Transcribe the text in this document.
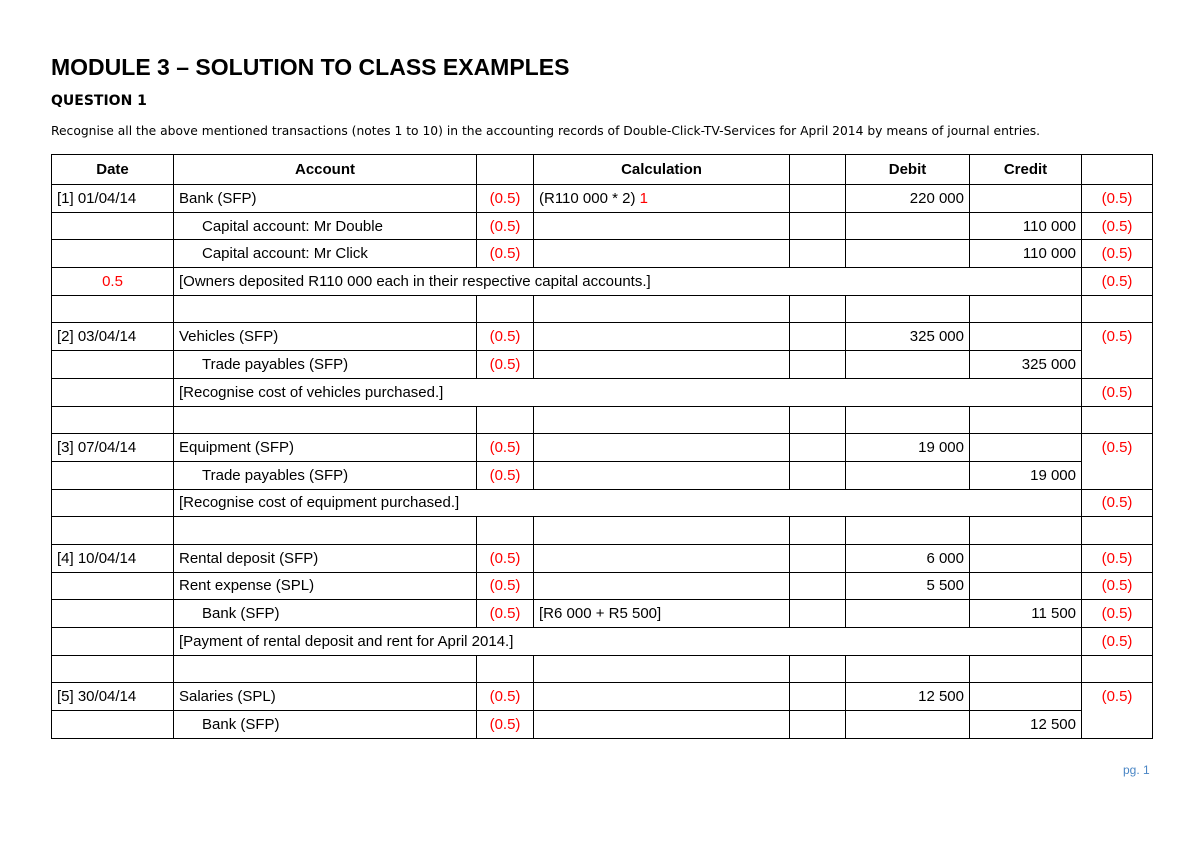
MODULE 3 – SOLUTION TO CLASS EXAMPLES
QUESTION 1
Recognise all the above mentioned transactions (notes 1 to 10) in the accounting records of Double-Click-TV-Services for April 2014 by means of journal entries.
Date	Account		Calculation		Debit	Credit	
[1] 01/04/14	Bank (SFP)	(0.5)	(R110 000 * 2) 1		220 000		(0.5)
	Capital account: Mr Double	(0.5)				110 000	(0.5)
	Capital account: Mr Click	(0.5)				110 000	(0.5)
0.5	[Owners deposited R110 000 each in their respective capital accounts.]						(0.5)

[2] 03/04/14	Vehicles (SFP)	(0.5)			325 000		(0.5)
	Trade payables (SFP)	(0.5)				325 000	
	[Recognise cost of vehicles purchased.]						(0.5)

[3] 07/04/14	Equipment (SFP)	(0.5)			19 000		(0.5)
	Trade payables (SFP)	(0.5)				19 000	
	[Recognise cost of equipment purchased.]						(0.5)

[4] 10/04/14	Rental deposit (SFP)	(0.5)			6 000		(0.5)
	Rent expense (SPL)	(0.5)			5 500		(0.5)
	Bank (SFP)	(0.5)	[R6 000 + R5 500]			11 500	(0.5)
	[Payment of rental deposit and rent for April 2014.]						(0.5)

[5] 30/04/14	Salaries (SPL)	(0.5)			12 500		(0.5)
	Bank (SFP)	(0.5)				12 500	
pg. 1
